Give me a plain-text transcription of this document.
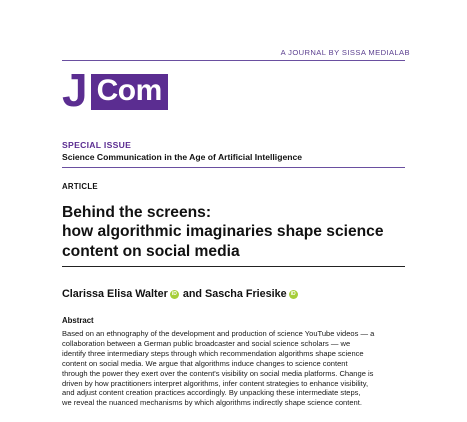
A JOURNAL BY SISSA MEDIALAB
J Com
SPECIAL ISSUE
Science Communication in the Age of Artificial Intelligence
ARTICLE
Behind the screens:
how algorithmic imaginaries shape science
content on social media
Clarissa Elisa Walter iD and
Sascha Friesike iD
Abstract
Based on an ethnography of the development and production of science YouTube videos — a
collaboration between a German public broadcaster and social science scholars — we
identify three intermediary steps through which recommendation algorithms shape science
content on social media. We argue that algorithms induce changes to science content
through the power they exert over the content's visibility on social media platforms. Change is
driven by how practitioners interpret algorithms, infer content strategies to enhance visibility,
and adjust content creation practices accordingly. By unpacking these intermediate steps,
we reveal the nuanced mechanisms by which algorithms indirectly shape science content.
